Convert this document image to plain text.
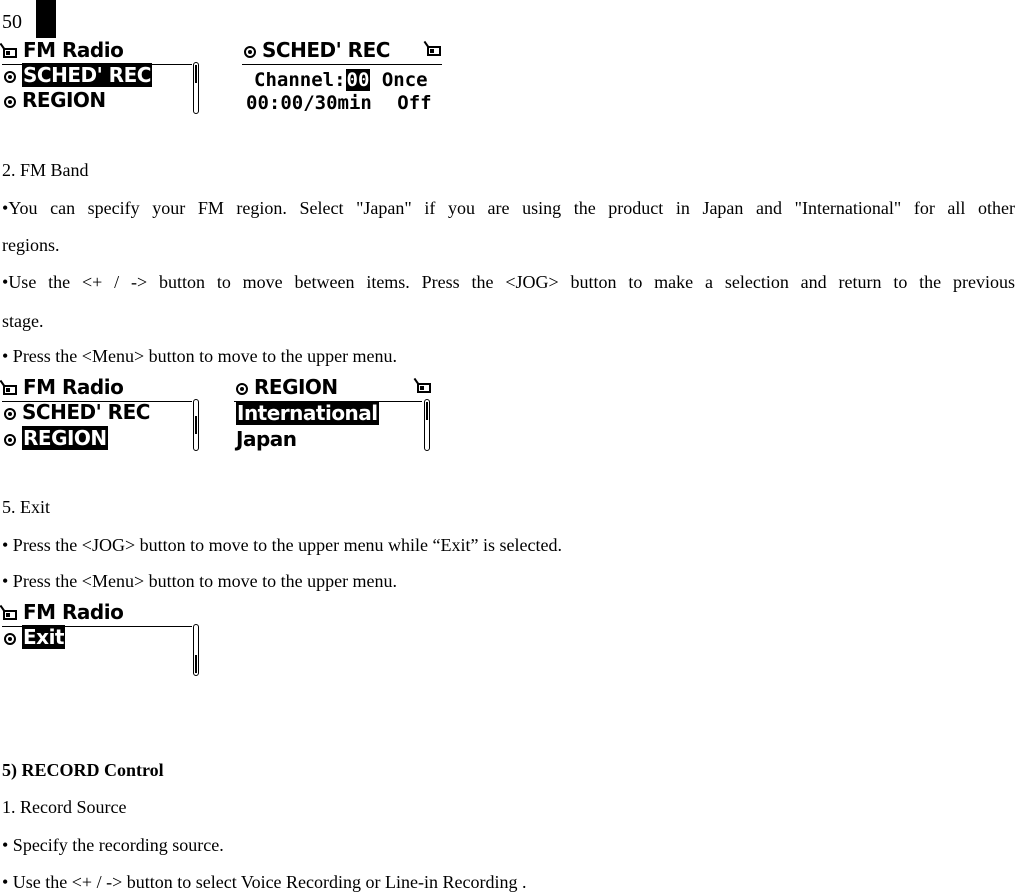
50
FM Radio
SCHED' REC
REGION
SCHED' REC
Channel:00 Once
00:00/30min Off
2. FM Band
•You can specify your FM region. Select "Japan" if you are using the product in Japan and "International" for all other
regions.
•Use the <+ / -> button to move between items. Press the <JOG> button to make a selection and return to the previous
stage.
• Press the <Menu> button to move to the upper menu.
FM Radio
SCHED' REC
REGION
REGION
International
Japan
5. Exit
• Press the <JOG> button to move to the upper menu while “Exit” is selected.
• Press the <Menu> button to move to the upper menu.
FM Radio
Exit
5) RECORD Control
1. Record Source
• Specify the recording source.
• Use the <+ / -> button to select Voice Recording or Line-in Recording .
